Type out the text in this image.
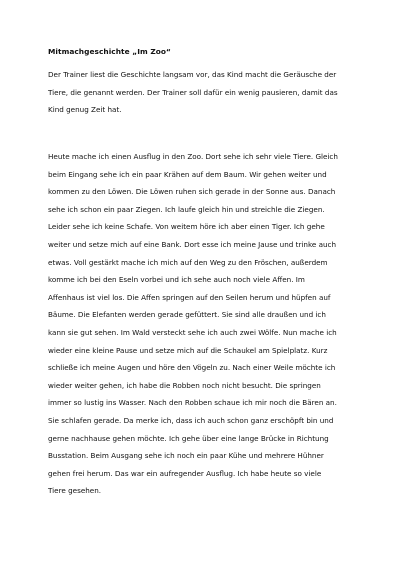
Mitmachgeschichte „Im Zoo“
Der Trainer liest die Geschichte langsam vor, das Kind macht die Geräusche der
Tiere, die genannt werden. Der Trainer soll dafür ein wenig pausieren, damit das
Kind genug Zeit hat.
Heute mache ich einen Ausflug in den Zoo. Dort sehe ich sehr viele Tiere. Gleich
beim Eingang sehe ich ein paar Krähen auf dem Baum. Wir gehen weiter und
kommen zu den Löwen. Die Löwen ruhen sich gerade in der Sonne aus. Danach
sehe ich schon ein paar Ziegen. Ich laufe gleich hin und streichle die Ziegen.
Leider sehe ich keine Schafe. Von weitem höre ich aber einen Tiger. Ich gehe
weiter und setze mich auf eine Bank. Dort esse ich meine Jause und trinke auch
etwas. Voll gestärkt mache ich mich auf den Weg zu den Fröschen, außerdem
komme ich bei den Eseln vorbei und ich sehe auch noch viele Affen. Im
Affenhaus ist viel los. Die Affen springen auf den Seilen herum und hüpfen auf
Bäume. Die Elefanten werden gerade gefüttert. Sie sind alle draußen und ich
kann sie gut sehen. Im Wald versteckt sehe ich auch zwei Wölfe. Nun mache ich
wieder eine kleine Pause und setze mich auf die Schaukel am Spielplatz. Kurz
schließe ich meine Augen und höre den Vögeln zu. Nach einer Weile möchte ich
wieder weiter gehen, ich habe die Robben noch nicht besucht. Die springen
immer so lustig ins Wasser. Nach den Robben schaue ich mir noch die Bären an.
Sie schlafen gerade. Da merke ich, dass ich auch schon ganz erschöpft bin und
gerne nachhause gehen möchte. Ich gehe über eine lange Brücke in Richtung
Busstation. Beim Ausgang sehe ich noch ein paar Kühe und mehrere Hühner
gehen frei herum. Das war ein aufregender Ausflug. Ich habe heute so viele
Tiere gesehen.
